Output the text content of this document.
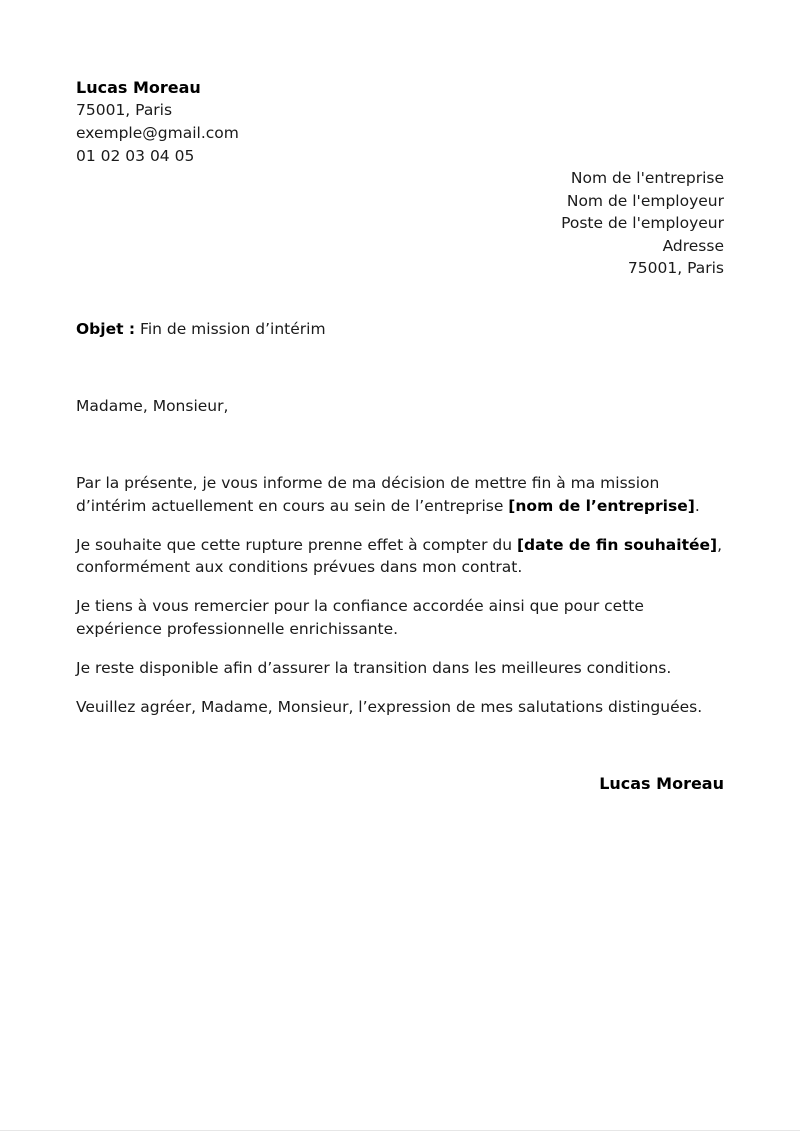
Lucas Moreau
75001, Paris
exemple@gmail.com
01 02 03 04 05
Nom de l'entreprise
Nom de l'employeur
Poste de l'employeur
Adresse
75001, Paris
Objet : Fin de mission d’intérim
Madame, Monsieur,

Par la présente, je vous informe de ma décision de mettre fin à ma mission d’intérim actuellement en cours au sein de l’entreprise [nom de l’entreprise].

Je souhaite que cette rupture prenne effet à compter du [date de fin souhaitée], conformément aux conditions prévues dans mon contrat.

Je tiens à vous remercier pour la confiance accordée ainsi que pour cette expérience professionnelle enrichissante.

Je reste disponible afin d’assurer la transition dans les meilleures conditions.

Veuillez agréer, Madame, Monsieur, l’expression de mes salutations distinguées.

Lucas Moreau
